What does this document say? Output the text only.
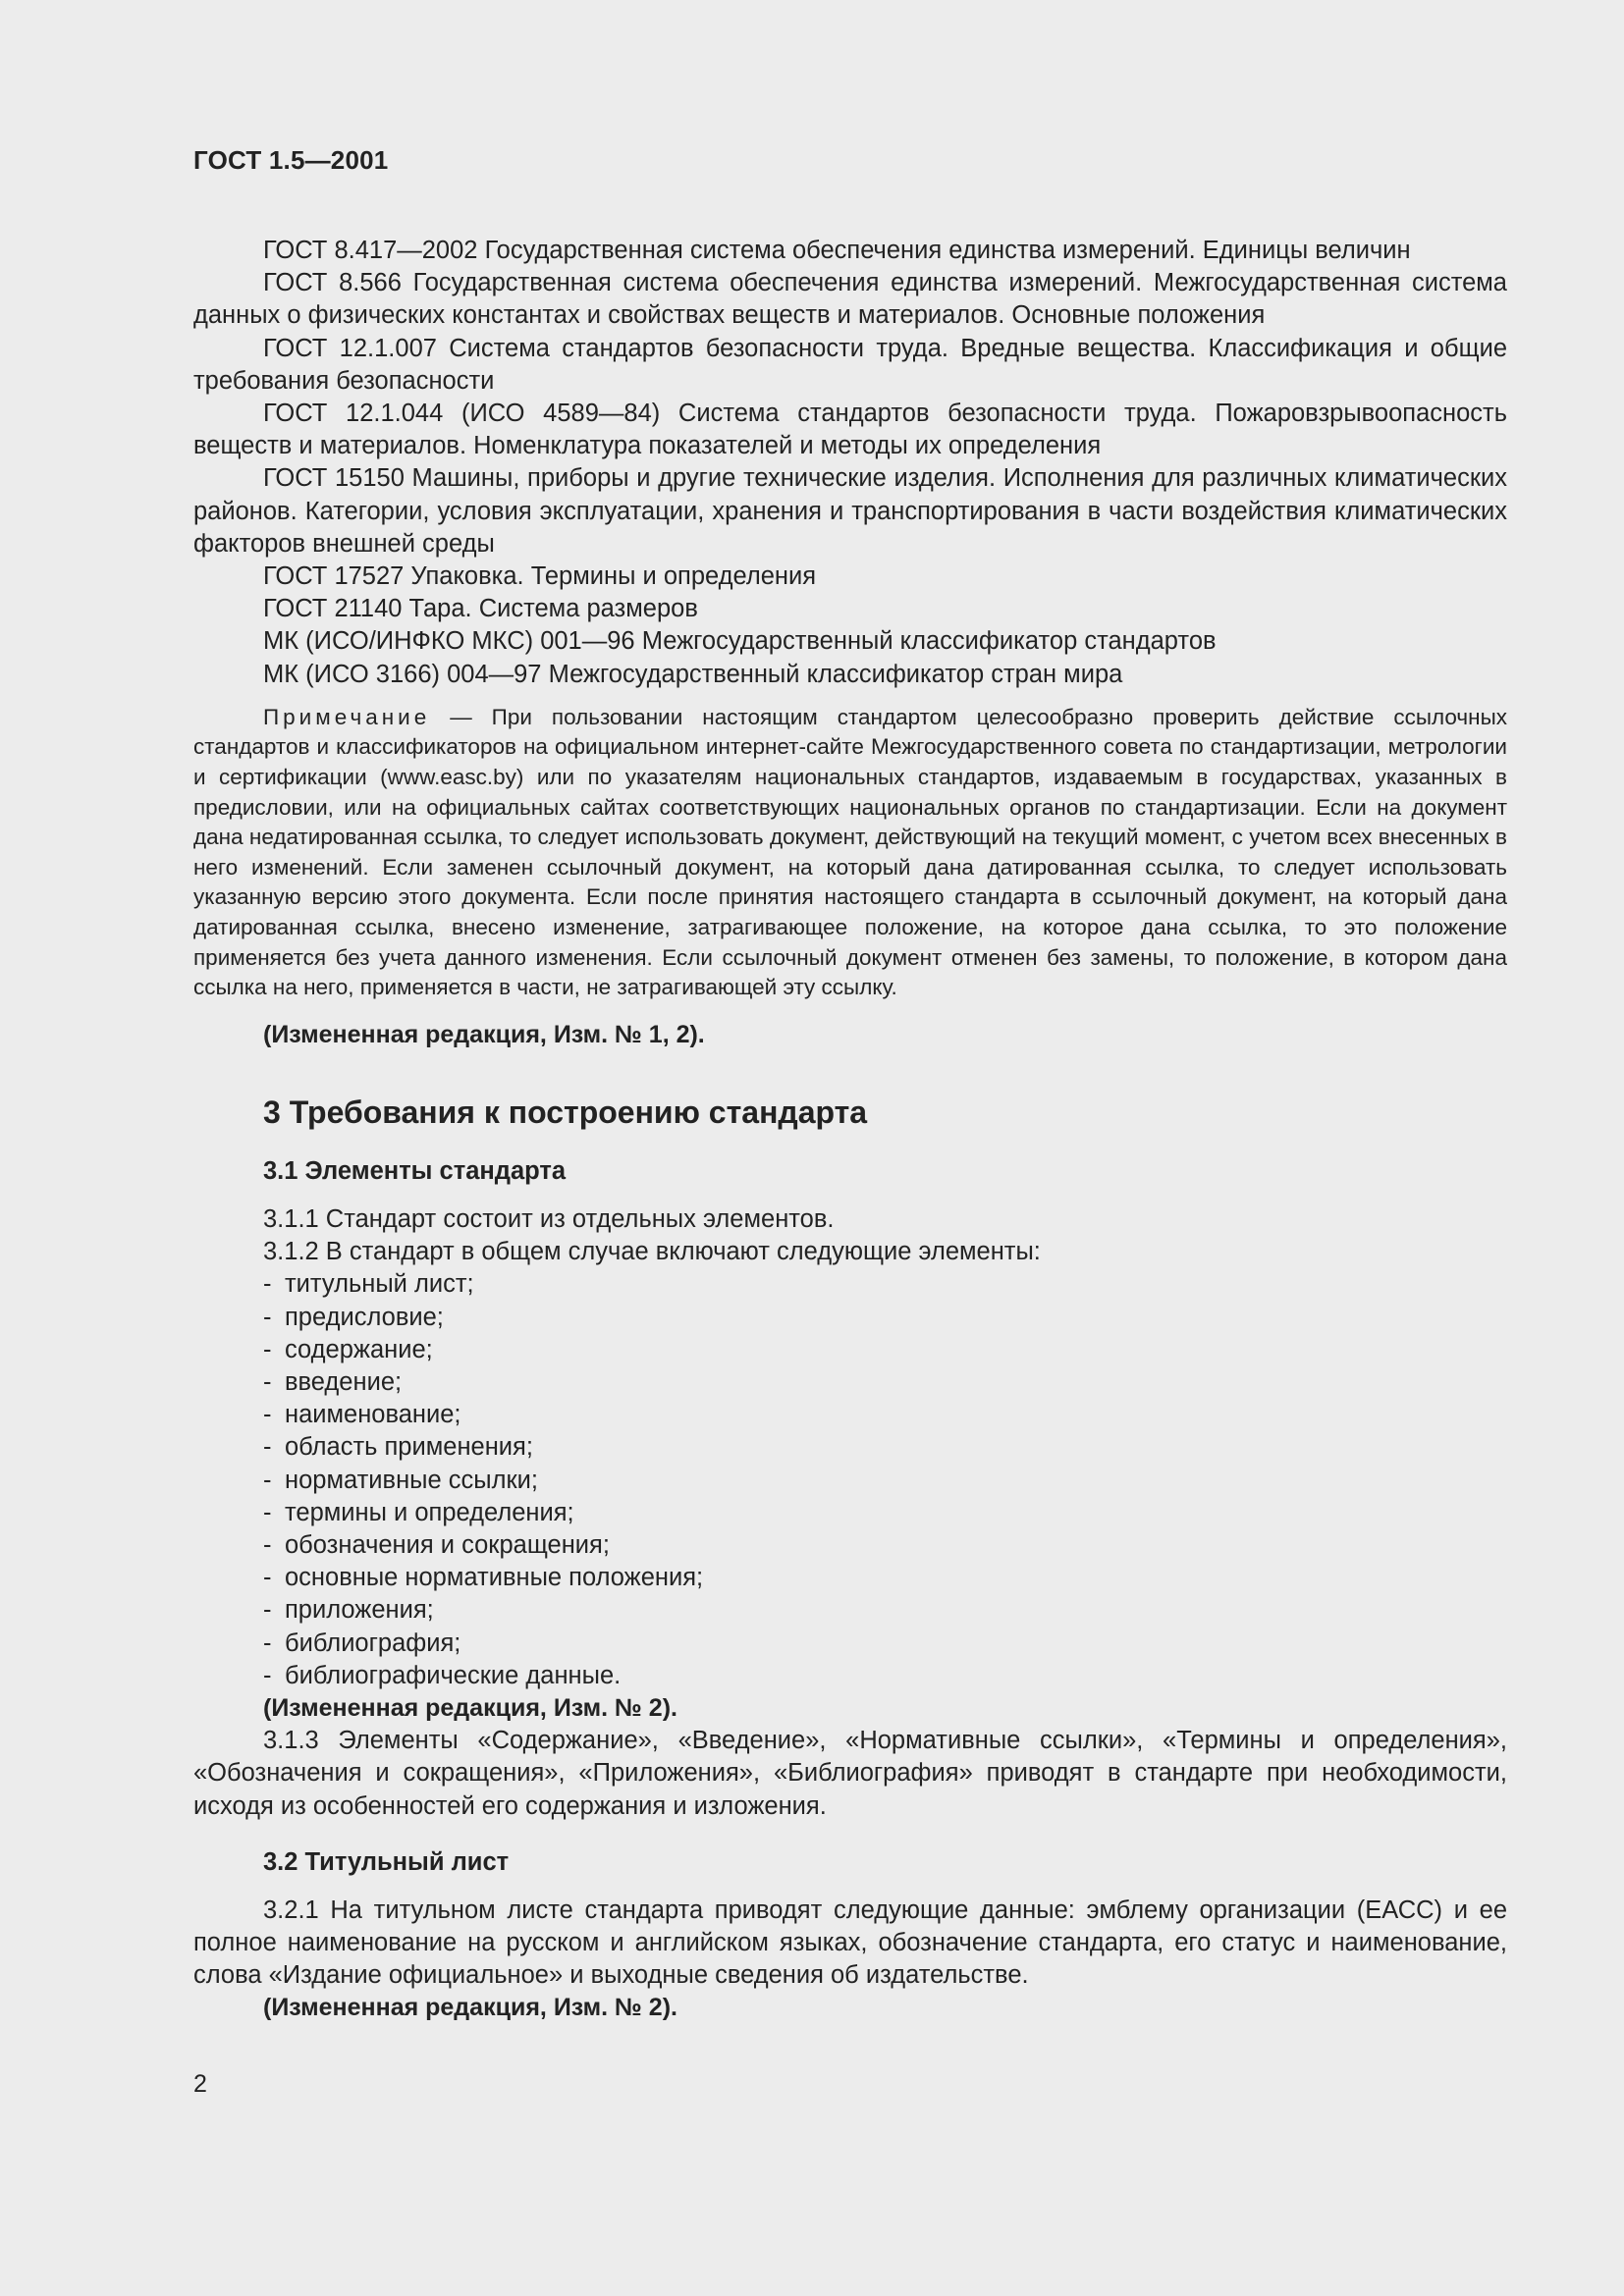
ГОСТ 1.5—2001

ГОСТ 8.417—2002 Государственная система обеспечения единства измерений. Единицы величин

ГОСТ 8.566 Государственная система обеспечения единства измерений. Межгосударственная система данных о физических константах и свойствах веществ и материалов. Основные положения

ГОСТ 12.1.007 Система стандартов безопасности труда. Вредные вещества. Классификация и общие требования безопасности

ГОСТ 12.1.044 (ИСО 4589—84) Система стандартов безопасности труда. Пожаровзрывоопасность веществ и материалов. Номенклатура показателей и методы их определения

ГОСТ 15150 Машины, приборы и другие технические изделия. Исполнения для различных климатических районов. Категории, условия эксплуатации, хранения и транспортирования в части воздействия климатических факторов внешней среды

ГОСТ 17527 Упаковка. Термины и определения

ГОСТ 21140 Тара. Система размеров

МК (ИСО/ИНФКО МКС) 001—96 Межгосударственный классификатор стандартов

МК (ИСО 3166) 004—97 Межгосударственный классификатор стран мира

Примечание — При пользовании настоящим стандартом целесообразно проверить действие ссылочных стандартов и классификаторов на официальном интернет-сайте Межгосударственного совета по стандартизации, метрологии и сертификации (www.easc.by) или по указателям национальных стандартов, издаваемым в государствах, указанных в предисловии, или на официальных сайтах соответствующих национальных органов по стандартизации. Если на документ дана недатированная ссылка, то следует использовать документ, действующий на текущий момент, с учетом всех внесенных в него изменений. Если заменен ссылочный документ, на который дана датированная ссылка, то следует использовать указанную версию этого документа. Если после принятия настоящего стандарта в ссылочный документ, на который дана датированная ссылка, внесено изменение, затрагивающее положение, на которое дана ссылка, то это положение применяется без учета данного изменения. Если ссылочный документ отменен без замены, то положение, в котором дана ссылка на него, применяется в части, не затрагивающей эту ссылку.

(Измененная редакция, Изм. № 1, 2).

3 Требования к построению стандарта
3.1 Элементы стандарта

3.1.1 Стандарт состоит из отдельных элементов.

3.1.2 В стандарт в общем случае включают следующие элементы:

- титульный лист;
- предисловие;
- содержание;
- введение;
- наименование;
- область применения;
- нормативные ссылки;
- термины и определения;
- обозначения и сокращения;
- основные нормативные положения;
- приложения;
- библиография;
- библиографические данные.

(Измененная редакция, Изм. № 2).

3.1.3 Элементы «Содержание», «Введение», «Нормативные ссылки», «Термины и определения», «Обозначения и сокращения», «Приложения», «Библиография» приводят в стандарте при необходимости, исходя из особенностей его содержания и изложения.

3.2 Титульный лист

3.2.1 На титульном листе стандарта приводят следующие данные: эмблему организации (ЕАСС) и ее полное наименование на русском и английском языках, обозначение стандарта, его статус и наименование, слова «Издание официальное» и выходные сведения об издательстве.

(Измененная редакция, Изм. № 2).

2
